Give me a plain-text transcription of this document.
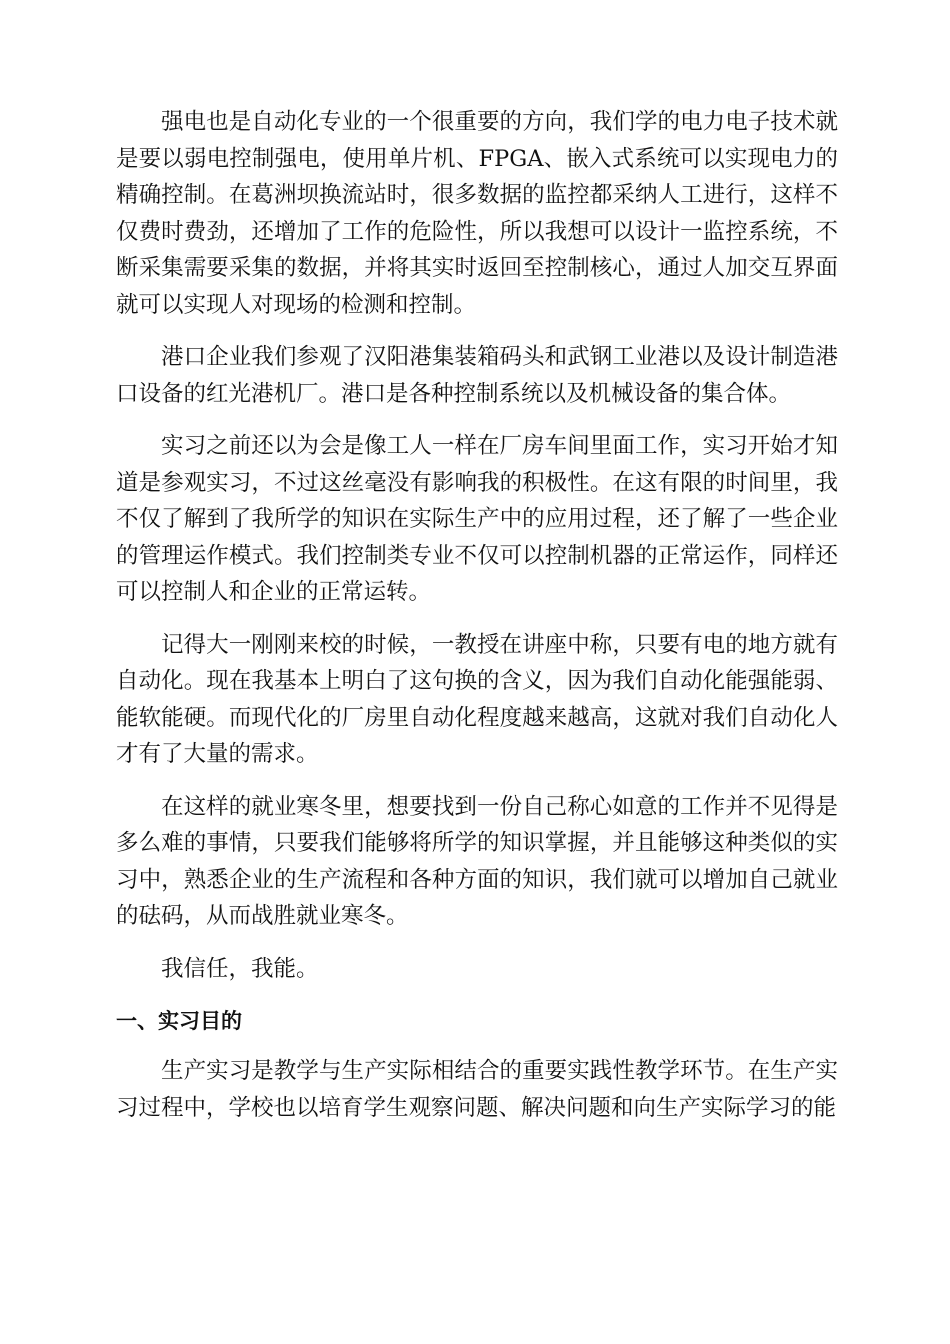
强电也是自动化专业的一个很重要的方向，我们学的电力电子技术就是要以弱电控制强电，使用单片机、FPGA、嵌入式系统可以实现电力的精确控制。在葛洲坝换流站时，很多数据的监控都采纳人工进行，这样不仅费时费劲，还增加了工作的危险性，所以我想可以设计一监控系统，不断采集需要采集的数据，并将其实时返回至控制核心，通过人加交互界面就可以实现人对现场的检测和控制。

港口企业我们参观了汉阳港集装箱码头和武钢工业港以及设计制造港口设备的红光港机厂。港口是各种控制系统以及机械设备的集合体。

实习之前还以为会是像工人一样在厂房车间里面工作，实习开始才知道是参观实习，不过这丝毫没有影响我的积极性。在这有限的时间里，我不仅了解到了我所学的知识在实际生产中的应用过程，还了解了一些企业的管理运作模式。我们控制类专业不仅可以控制机器的正常运作，同样还可以控制人和企业的正常运转。

记得大一刚刚来校的时候，一教授在讲座中称，只要有电的地方就有自动化。现在我基本上明白了这句换的含义，因为我们自动化能强能弱、能软能硬。而现代化的厂房里自动化程度越来越高，这就对我们自动化人才有了大量的需求。

在这样的就业寒冬里，想要找到一份自己称心如意的工作并不见得是多么难的事情，只要我们能够将所学的知识掌握，并且能够这种类似的实习中，熟悉企业的生产流程和各种方面的知识，我们就可以增加自己就业的砝码，从而战胜就业寒冬。

我信任，我能。

一、实习目的

生产实习是教学与生产实际相结合的重要实践性教学环节。在生产实习过程中，学校也以培育学生观察问题、解决问题和向生产实际学习的能
